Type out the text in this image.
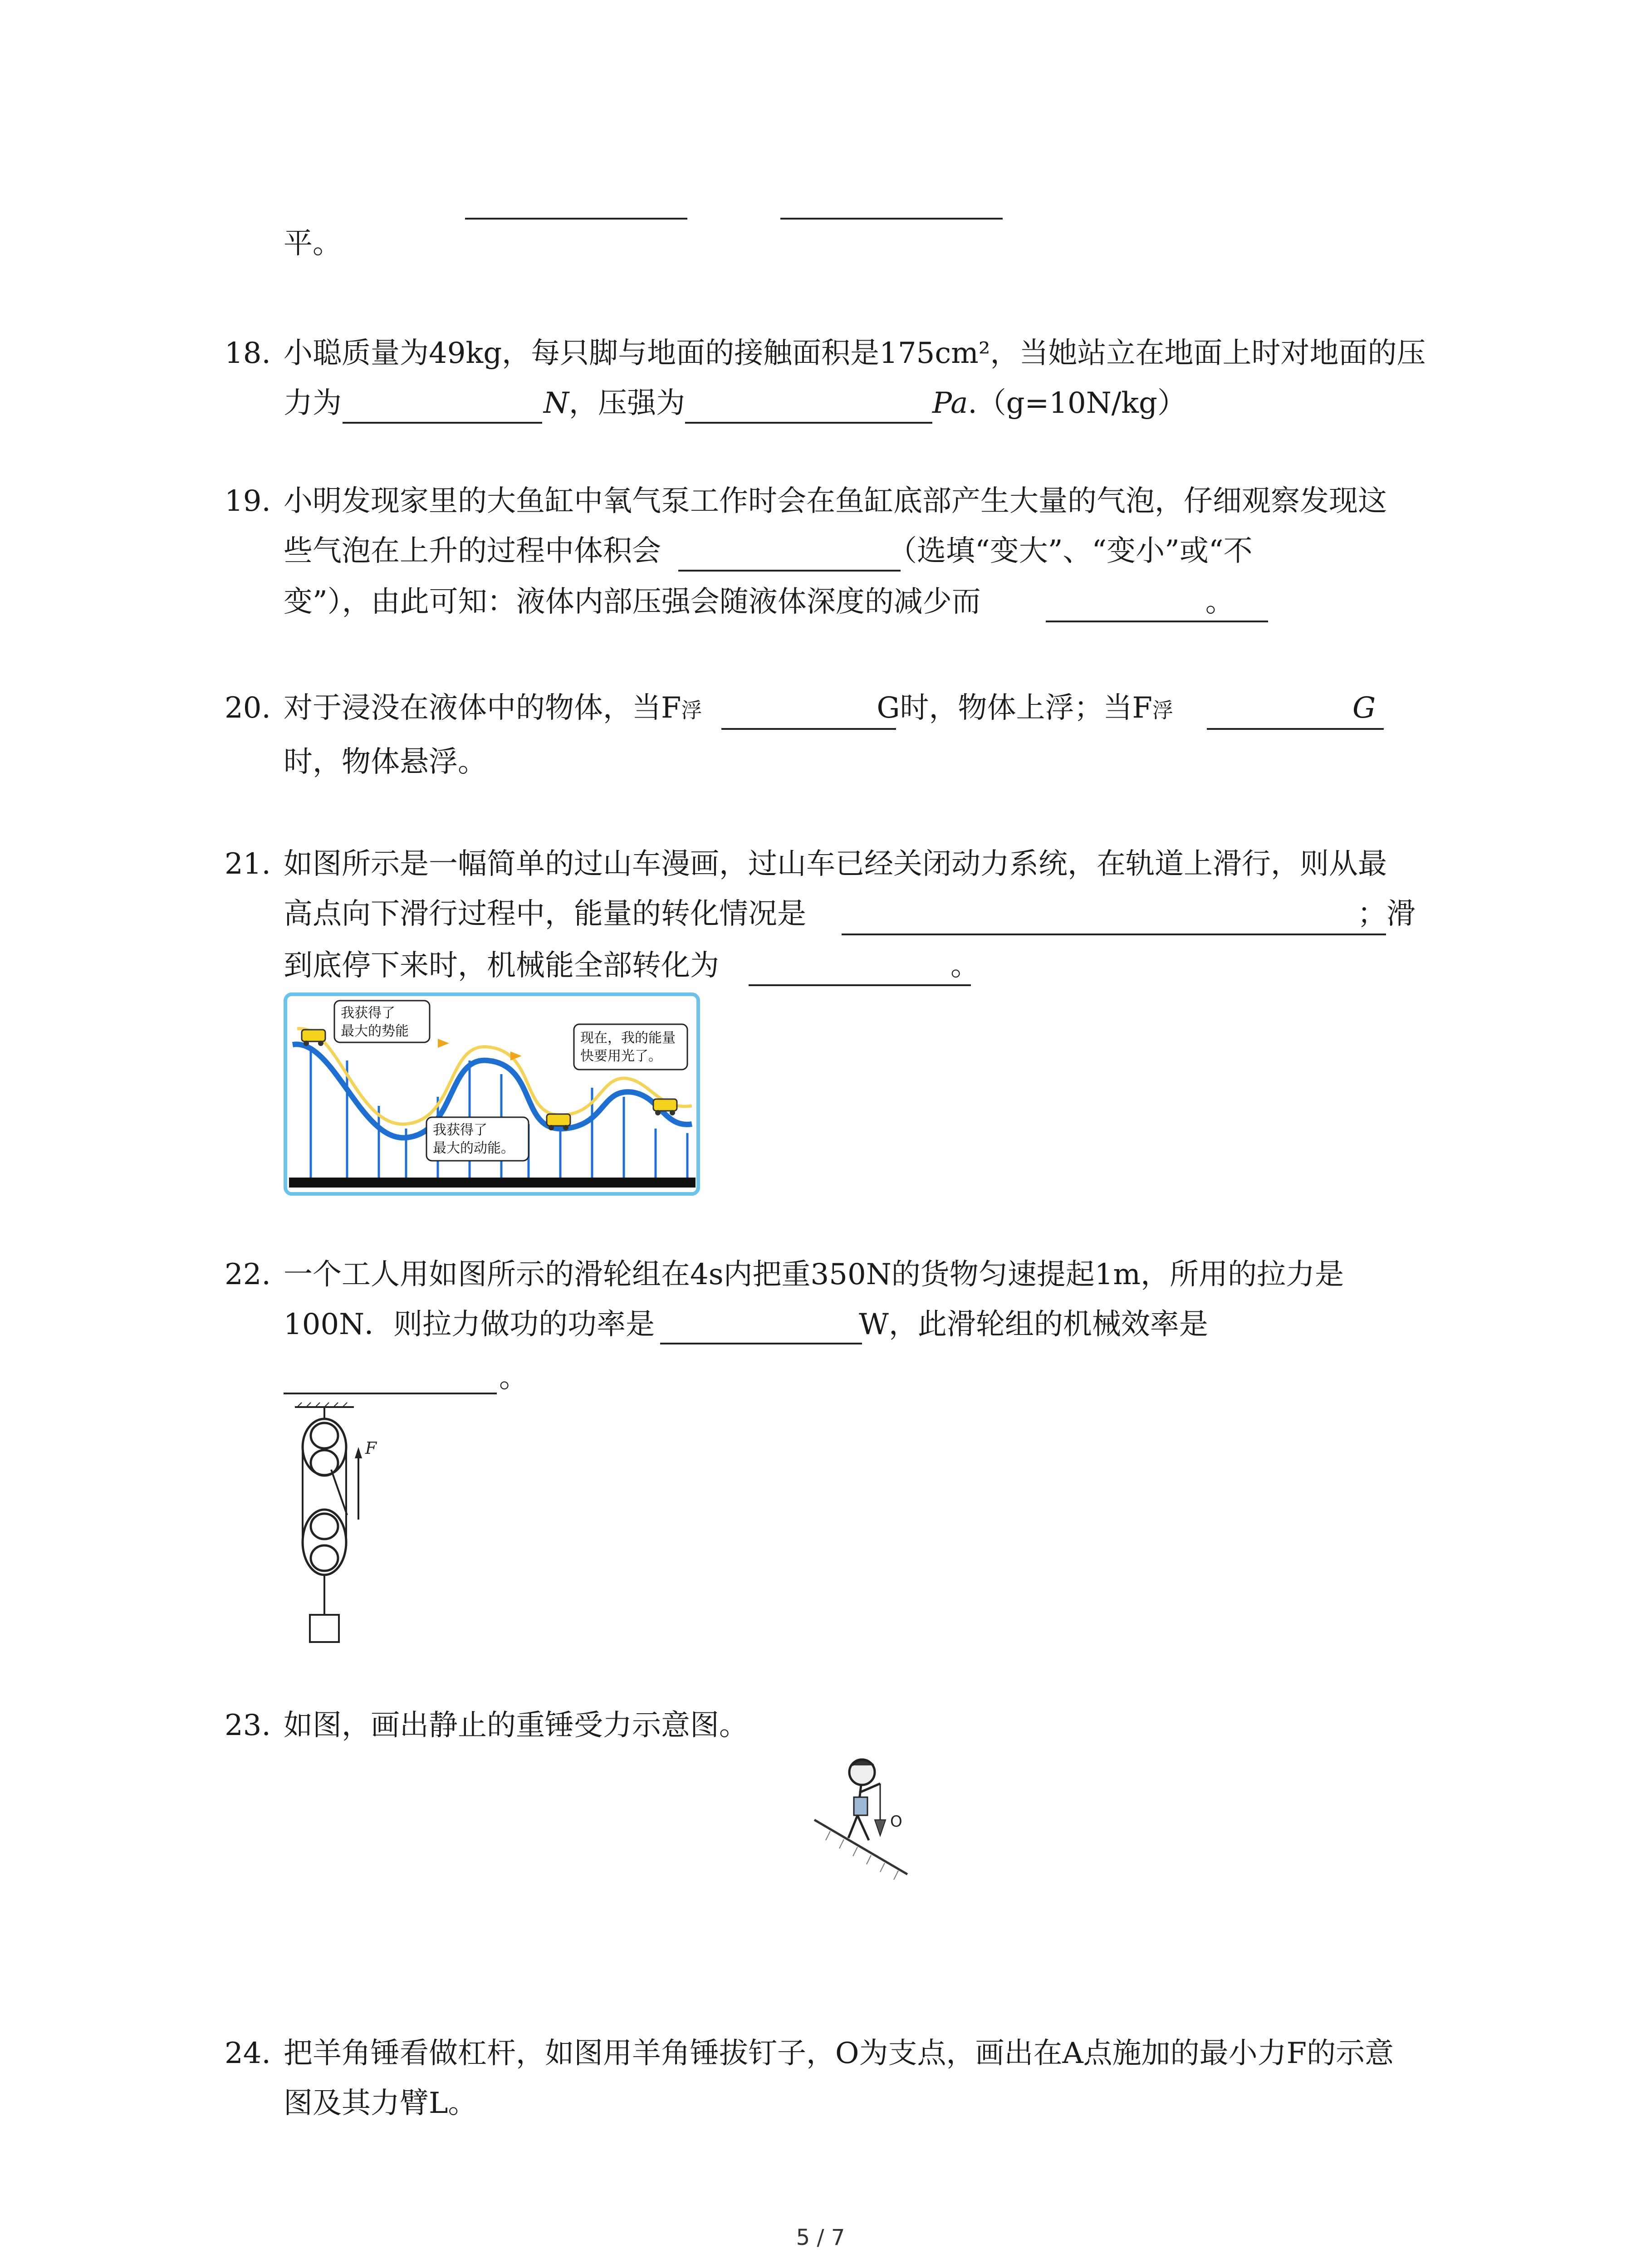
平。
18. 小聪质量为49kg，每只脚与地面的接触面积是175cm²，当她站立在地面上时对地面的压
力为	N，压强为	Pa.（g=10N/kg）
19. 小明发现家里的大鱼缸中氧气泵工作时会在鱼缸底部产生大量的气泡，仔细观察发现这
些气泡在上升的过程中体积会	（选填“变大”、“变小”或“不
变”），由此可知：液体内部压强会随液体深度的减少而	。
20. 对于浸没在液体中的物体，当F浮	G时，物体上浮；当F浮	G
时，物体悬浮。
21. 如图所示是一幅简单的过山车漫画，过山车已经关闭动力系统，在轨道上滑行，则从最
高点向下滑行过程中，能量的转化情况是	；滑
到底停下来时，机械能全部转化为	。
我获得了
最大的势能	现在，我的能量
快要用光了。
我获得了
最大的动能。
22. 一个工人用如图所示的滑轮组在4s内把重350N的货物匀速提起1m，所用的拉力是
100N．则拉力做功的功率是	W，此滑轮组的机械效率是
。
F
23. 如图，画出静止的重锤受力示意图。
O
24. 把羊角锤看做杠杆，如图用羊角锤拔钉子，O为支点，画出在A点施加的最小力F的示意
图及其力臂L。
5 / 7
